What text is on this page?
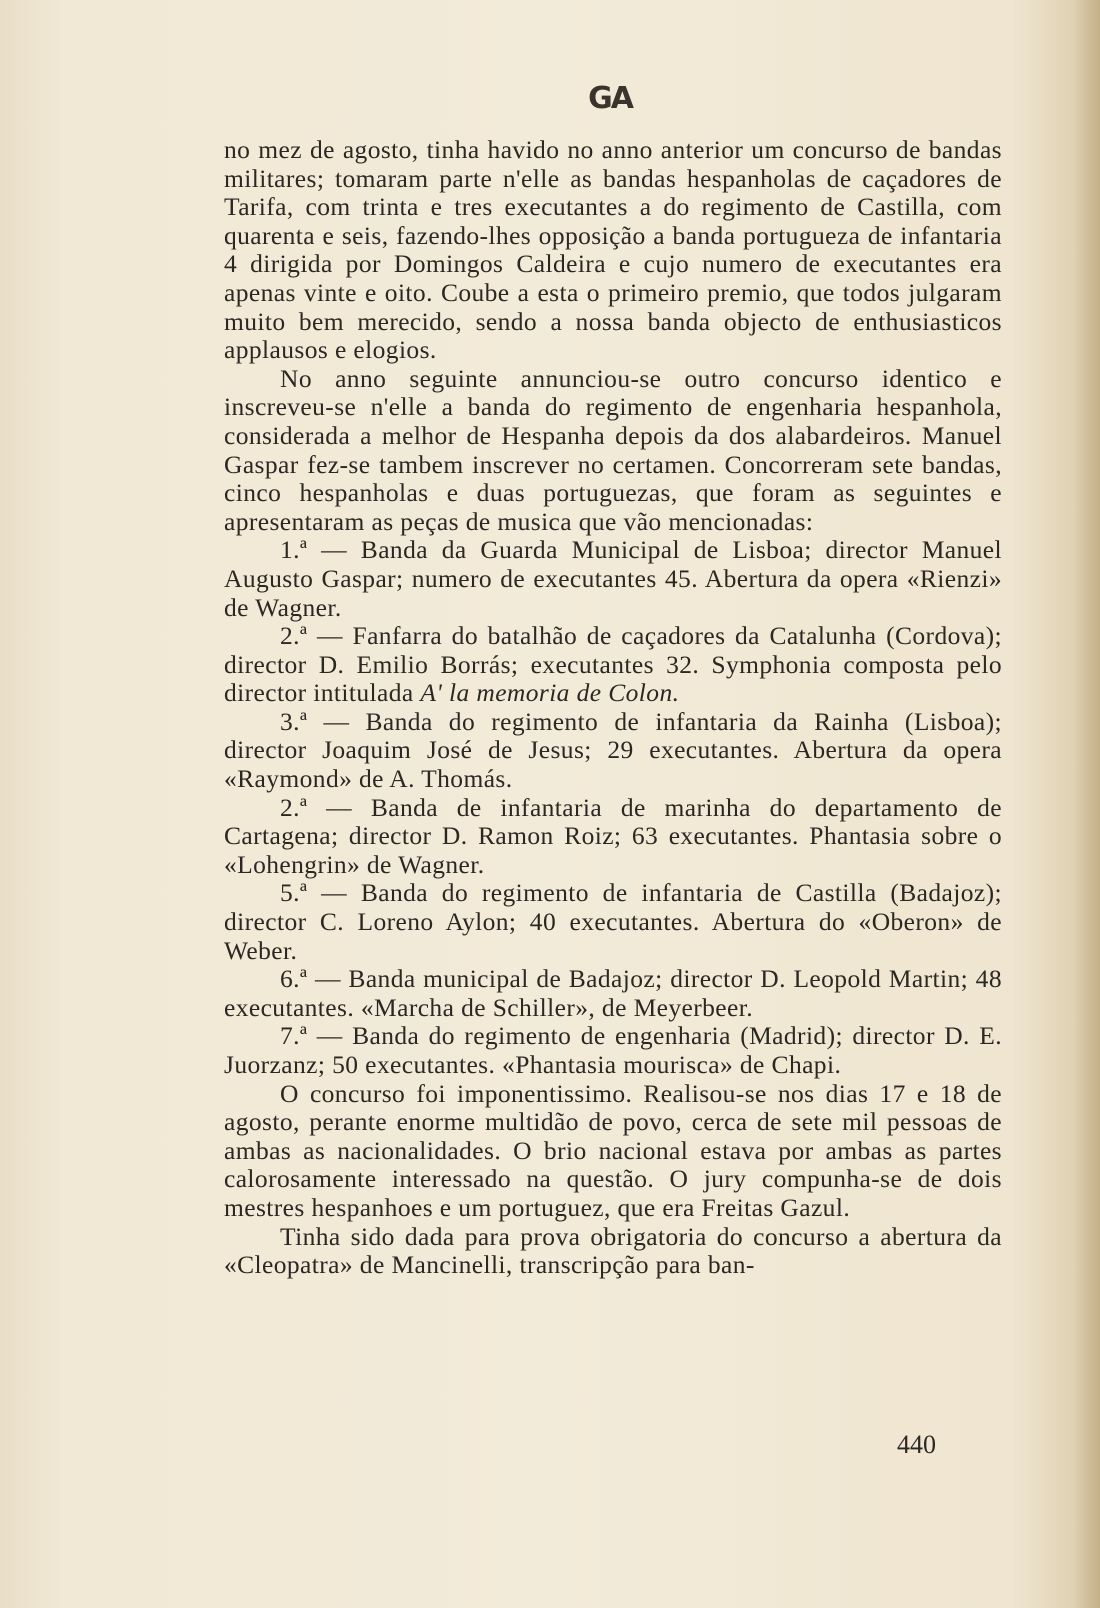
GA

no mez de agosto, tinha havido no anno anterior um concurso de bandas militares; tomaram parte n'elle as bandas hespanholas de caçadores de Tarifa, com trinta e tres executantes a do regimento de Castilla, com quarenta e seis, fazendo-lhes opposição a banda portugueza de infantaria 4 dirigida por Domingos Caldeira e cujo numero de executantes era apenas vinte e oito. Coube a esta o primeiro premio, que todos julgaram muito bem merecido, sendo a nossa banda objecto de enthusiasticos applausos e elogios.

No anno seguinte annunciou-se outro concurso identico e inscreveu-se n'elle a banda do regimento de engenharia hespanhola, considerada a melhor de Hespanha depois da dos alabardeiros. Manuel Gaspar fez-se tambem inscrever no certamen. Concorreram sete bandas, cinco hespanholas e duas portuguezas, que foram as seguintes e apresentaram as peças de musica que vão mencionadas:

1.ª — Banda da Guarda Municipal de Lisboa; director Manuel Augusto Gaspar; numero de executantes 45. Abertura da opera «Rienzi» de Wagner.

2.ª — Fanfarra do batalhão de caçadores da Catalunha (Cordova); director D. Emilio Borrás; executantes 32. Symphonia composta pelo director intitulada A' la memoria de Colon.

3.ª — Banda do regimento de infantaria da Rainha (Lisboa); director Joaquim José de Jesus; 29 executantes. Abertura da opera «Raymond» de A. Thomás.

2.ª — Banda de infantaria de marinha do departamento de Cartagena; director D. Ramon Roiz; 63 executantes. Phantasia sobre o «Lohengrin» de Wagner.

5.ª — Banda do regimento de infantaria de Castilla (Badajoz); director C. Loreno Aylon; 40 executantes. Abertura do «Oberon» de Weber.

6.ª — Banda municipal de Badajoz; director D. Leopold Martin; 48 executantes. «Marcha de Schiller», de Meyerbeer.

7.ª — Banda do regimento de engenharia (Madrid); director D. E. Juorzanz; 50 executantes. «Phantasia mourisca» de Chapi.

O concurso foi imponentissimo. Realisou-se nos dias 17 e 18 de agosto, perante enorme multidão de povo, cerca de sete mil pessoas de ambas as nacionalidades. O brio nacional estava por ambas as partes calorosamente interessado na questão. O jury compunha-se de dois mestres hespanhoes e um portuguez, que era Freitas Gazul.

Tinha sido dada para prova obrigatoria do concurso a abertura da «Cleopatra» de Mancinelli, transcripção para ban-

440
